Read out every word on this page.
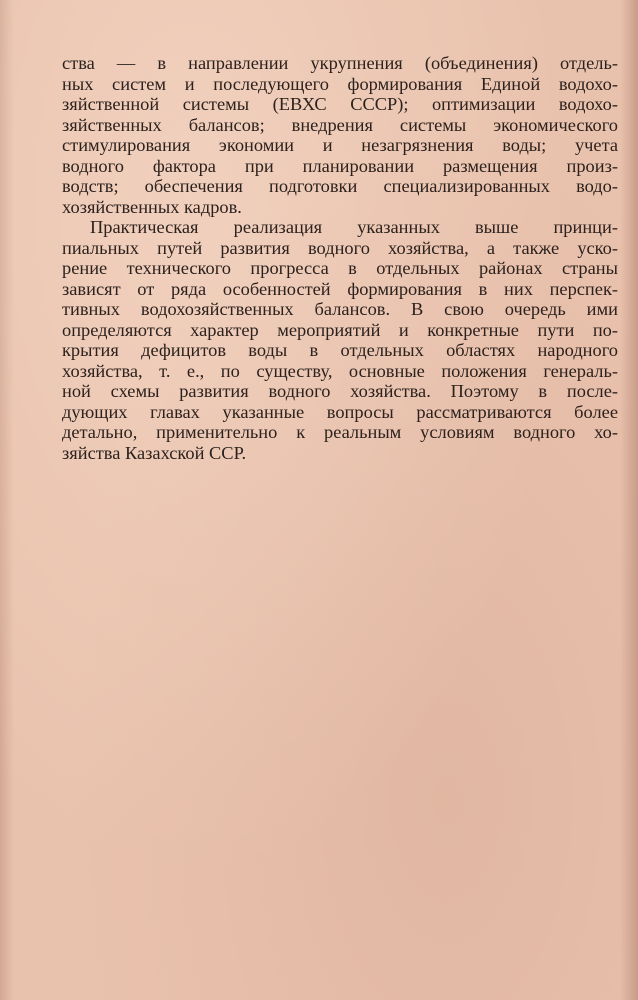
ства — в направлении укрупнения (объединения) отдель-
ных систем и последующего формирования Единой водохо-
зяйственной системы (ЕВХС СССР); оптимизации водохо-
зяйственных балансов; внедрения системы экономического
стимулирования экономии и незагрязнения воды; учета
водного фактора при планировании размещения произ-
водств; обеспечения подготовки специализированных водо-
хозяйственных кадров.
Практическая реализация указанных выше принци-
пиальных путей развития водного хозяйства, а также уско-
рение технического прогресса в отдельных районах страны
зависят от ряда особенностей формирования в них перспек-
тивных водохозяйственных балансов. В свою очередь ими
определяются характер мероприятий и конкретные пути по-
крытия дефицитов воды в отдельных областях народного
хозяйства, т. е., по существу, основные положения генераль-
ной схемы развития водного хозяйства. Поэтому в после-
дующих главах указанные вопросы рассматриваются более
детально, применительно к реальным условиям водного хо-
зяйства Казахской ССР.
